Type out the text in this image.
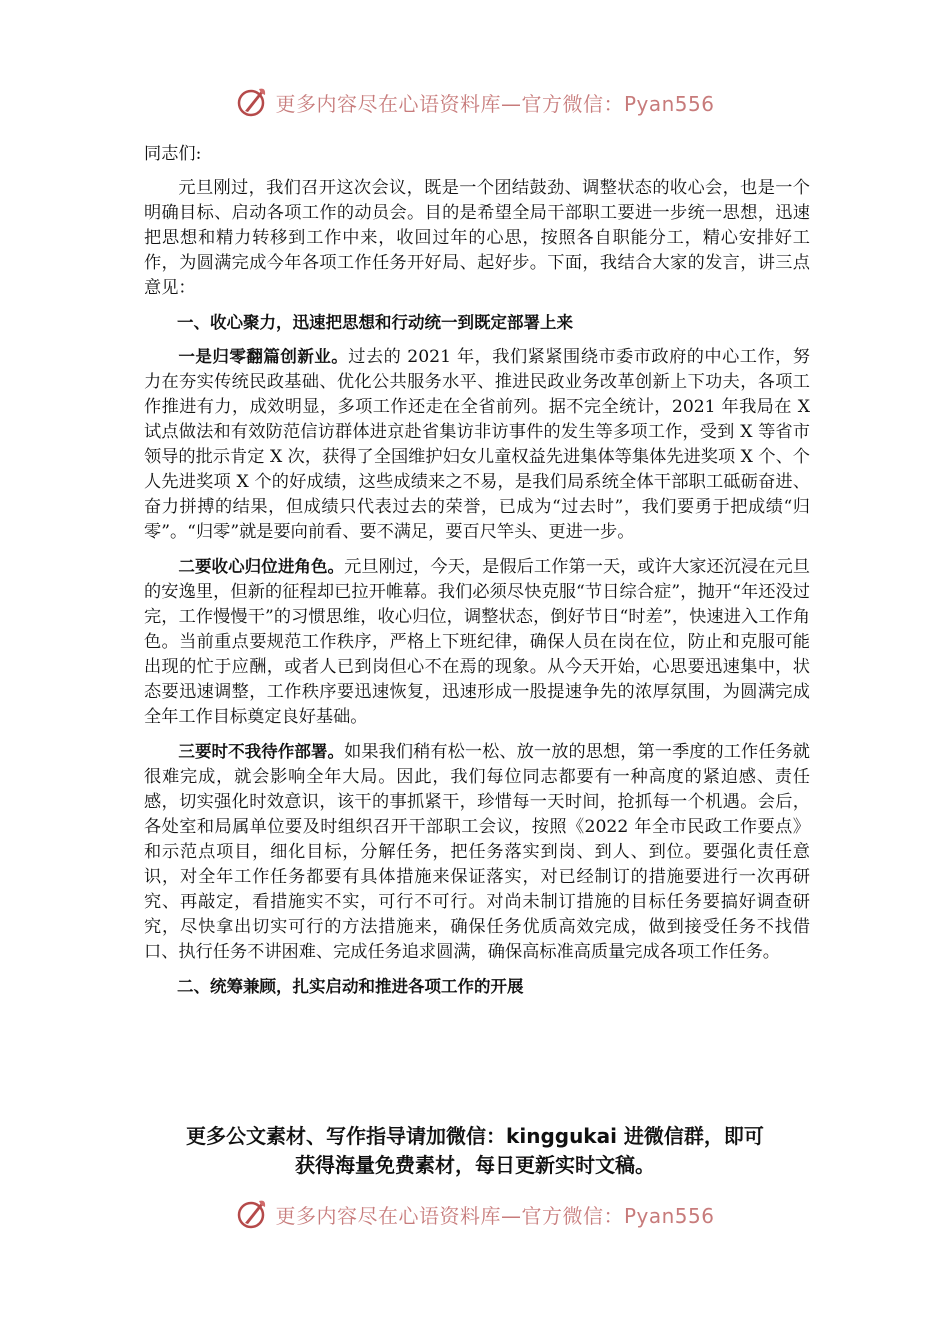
更多内容尽在心语资料库—官方微信：Pyan556

同志们:

元旦刚过，我们召开这次会议，既是一个团结鼓劲、调整状态的收心会，也是一个明确目标、启动各项工作的动员会。目的是希望全局干部职工要进一步统一思想，迅速把思想和精力转移到工作中来，收回过年的心思，按照各自职能分工，精心安排好工作，为圆满完成今年各项工作任务开好局、起好步。下面，我结合大家的发言，讲三点意见：

一、收心聚力，迅速把思想和行动统一到既定部署上来

一是归零翻篇创新业。过去的 2021 年，我们紧紧围绕市委市政府的中心工作，努力在夯实传统民政基础、优化公共服务水平、推进民政业务改革创新上下功夫，各项工作推进有力，成效明显，多项工作还走在全省前列。据不完全统计，2021 年我局在 X 试点做法和有效防范信访群体进京赴省集访非访事件的发生等多项工作，受到 X 等省市领导的批示肯定 X 次，获得了全国维护妇女儿童权益先进集体等集体先进奖项 X 个、个人先进奖项 X 个的好成绩，这些成绩来之不易，是我们局系统全体干部职工砥砺奋进、奋力拼搏的结果，但成绩只代表过去的荣誉，已成为“过去时”，我们要勇于把成绩“归零”。“归零”就是要向前看、要不满足，要百尺竿头、更进一步。

二要收心归位进角色。元旦刚过，今天，是假后工作第一天，或许大家还沉浸在元旦的安逸里，但新的征程却已拉开帷幕。我们必须尽快克服“节日综合症”，抛开“年还没过完，工作慢慢干”的习惯思维，收心归位，调整状态，倒好节日“时差”，快速进入工作角色。当前重点要规范工作秩序，严格上下班纪律，确保人员在岗在位，防止和克服可能出现的忙于应酬，或者人已到岗但心不在焉的现象。从今天开始，心思要迅速集中，状态要迅速调整，工作秩序要迅速恢复，迅速形成一股提速争先的浓厚氛围，为圆满完成全年工作目标奠定良好基础。

三要时不我待作部署。如果我们稍有松一松、放一放的思想，第一季度的工作任务就很难完成，就会影响全年大局。因此，我们每位同志都要有一种高度的紧迫感、责任感，切实强化时效意识，该干的事抓紧干，珍惜每一天时间，抢抓每一个机遇。会后，各处室和局属单位要及时组织召开干部职工会议，按照《2022 年全市民政工作要点》和示范点项目，细化目标，分解任务，把任务落实到岗、到人、到位。要强化责任意识，对全年工作任务都要有具体措施来保证落实，对已经制订的措施要进行一次再研究、再敲定，看措施实不实，可行不可行。对尚未制订措施的目标任务要搞好调查研究，尽快拿出切实可行的方法措施来，确保任务优质高效完成，做到接受任务不找借口、执行任务不讲困难、完成任务追求圆满，确保高标准高质量完成各项工作任务。

二、统筹兼顾，扎实启动和推进各项工作的开展

更多公文素材、写作指导请加微信：kinggukai 进微信群，即可
获得海量免费素材，每日更新实时文稿。
更多内容尽在心语资料库—官方微信：Pyan556
